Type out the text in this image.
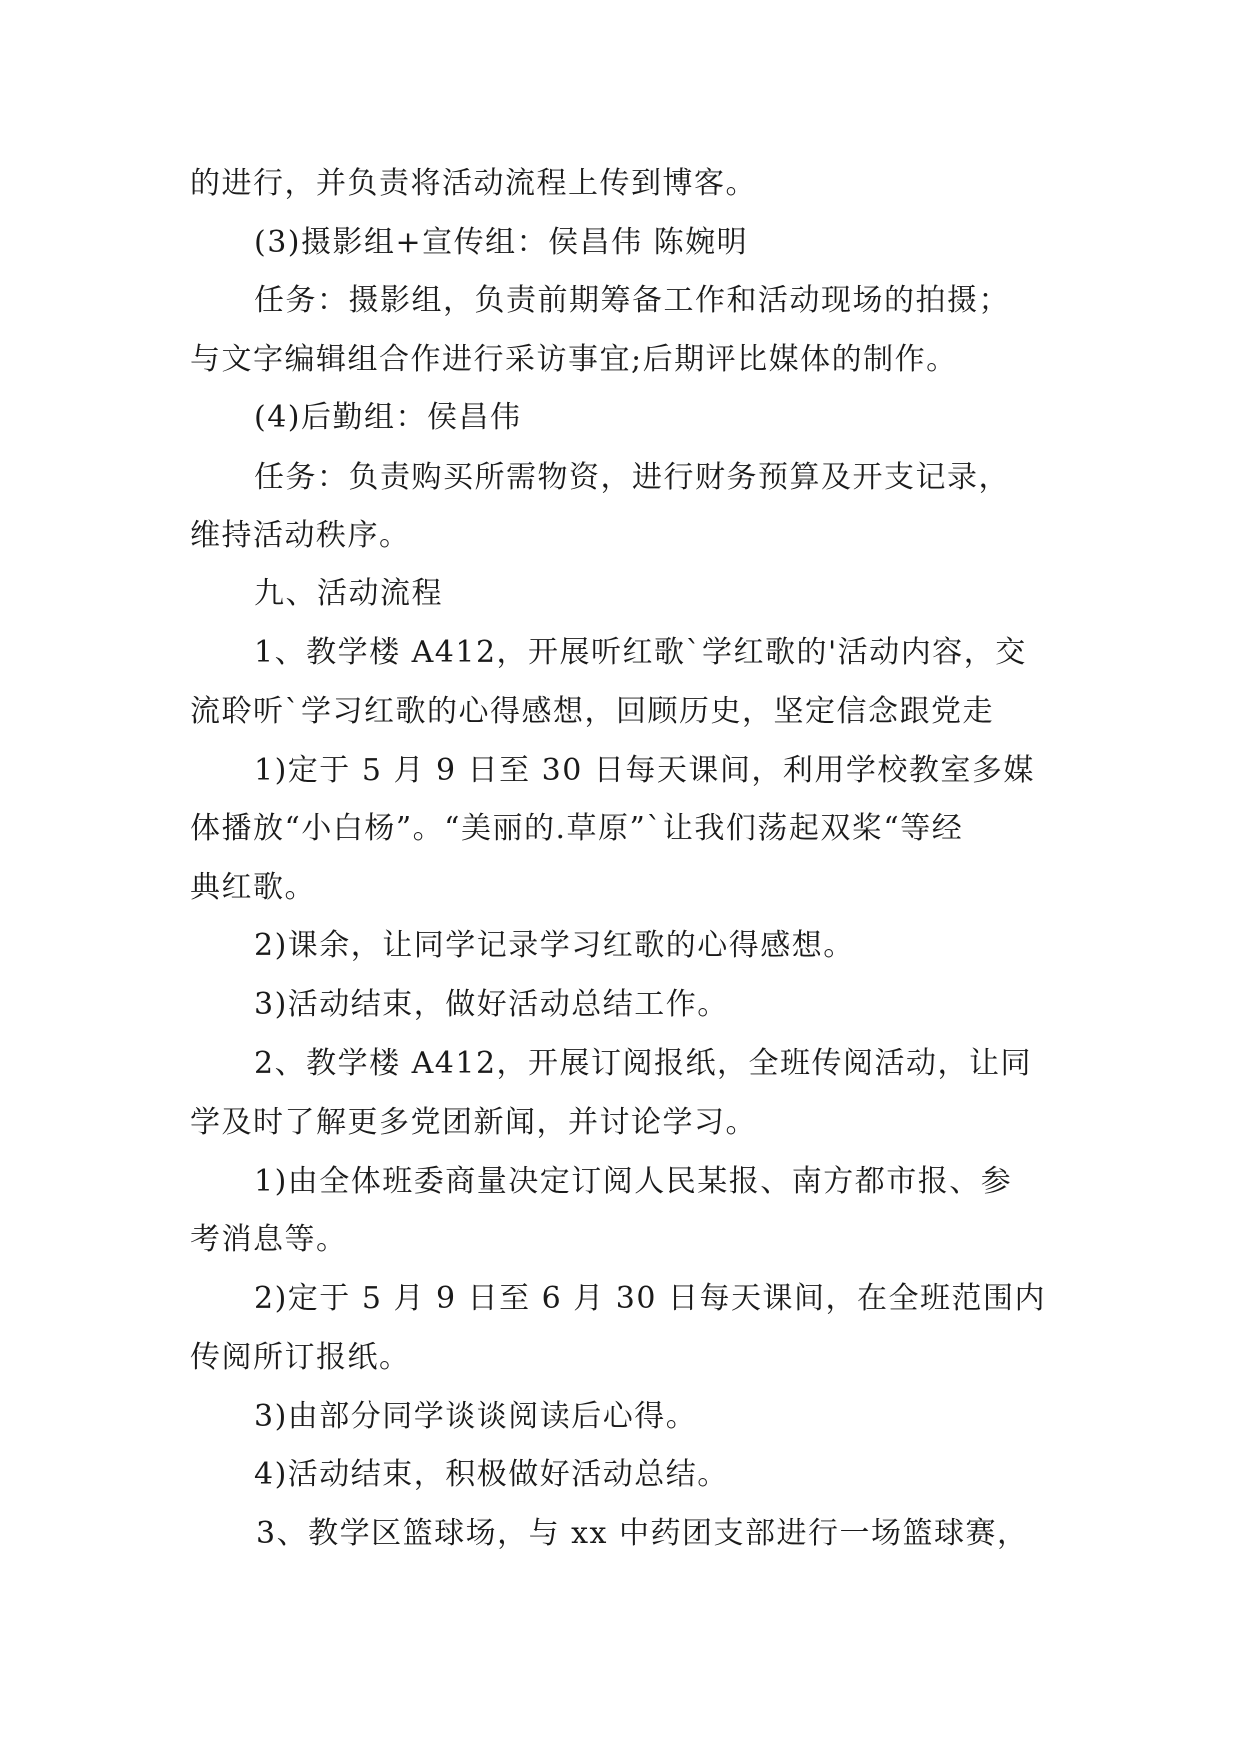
的进行，并负责将活动流程上传到博客。
(3)摄影组+宣传组：侯昌伟 陈婉明
任务：摄影组，负责前期筹备工作和活动现场的拍摄；
与文字编辑组合作进行采访事宜;后期评比媒体的制作。
(4)后勤组：侯昌伟
任务：负责购买所需物资，进行财务预算及开支记录，
维持活动秩序。
九、活动流程
1、教学楼 A412，开展听红歌`学红歌的'活动内容，交
流聆听`学习红歌的心得感想，回顾历史，坚定信念跟党走
1)定于 5 月 9 日至 30 日每天课间，利用学校教室多媒
体播放“小白杨”。“美丽的.草原”`让我们荡起双桨“等经
典红歌。
2)课余，让同学记录学习红歌的心得感想。
3)活动结束，做好活动总结工作。
2、教学楼 A412，开展订阅报纸，全班传阅活动，让同
学及时了解更多党团新闻，并讨论学习。
1)由全体班委商量决定订阅人民某报、南方都市报、参
考消息等。
2)定于 5 月 9 日至 6 月 30 日每天课间，在全班范围内
传阅所订报纸。
3)由部分同学谈谈阅读后心得。
4)活动结束，积极做好活动总结。
3、教学区篮球场，与 xx 中药团支部进行一场篮球赛，
